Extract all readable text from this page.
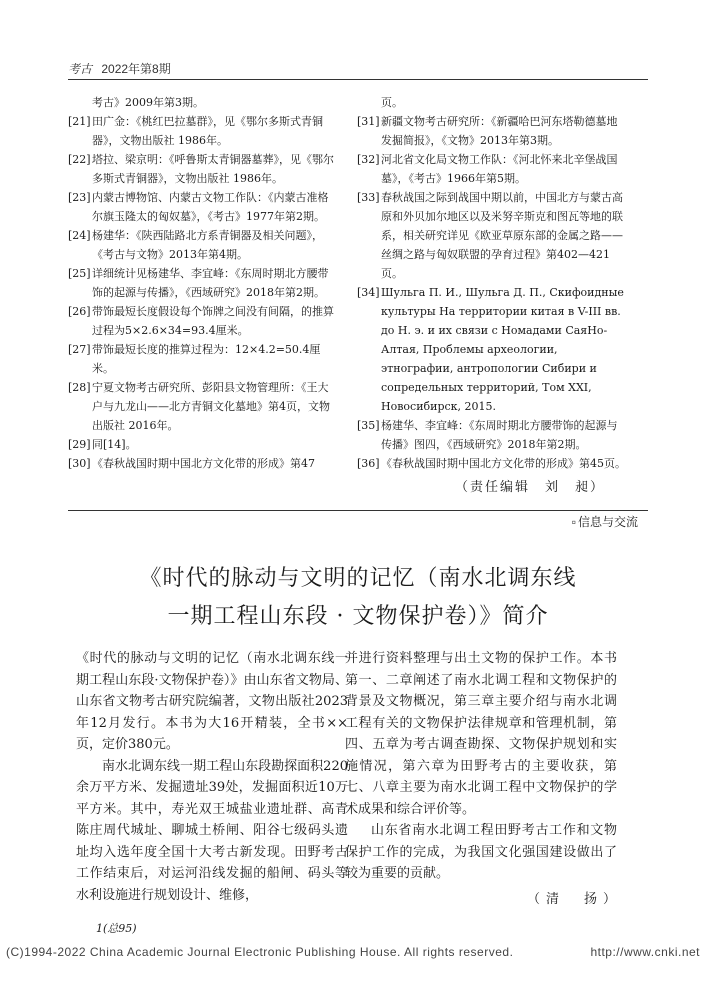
考古 2022年第8期
考古》2009年第3期。
[21] 田广金：《桃红巴拉墓群》，见《鄂尔多斯式青铜器》，文物出版社 1986年。
[22] 塔拉、梁京明：《呼鲁斯太青铜器墓葬》，见《鄂尔多斯式青铜器》，文物出版社 1986年。
[23] 内蒙古博物馆、内蒙古文物工作队：《内蒙古准格尔旗玉隆太的匈奴墓》，《考古》1977年第2期。
[24] 杨建华：《陕西陆路北方系青铜器及相关问题》，《考古与文物》2013年第4期。
[25] 详细统计见杨建华、李宜峰：《东周时期北方腰带饰的起源与传播》，《西域研究》2018年第2期。
[26] 带饰最短长度假设每个饰牌之间没有间隔，的推算过程为5×2.6×34=93.4厘米。
[27] 带饰最短长度的推算过程为：12×4.2=50.4厘米。
[28] 宁夏文物考古研究所、彭阳县文物管理所：《王大户与九龙山——北方青铜文化墓地》第4页，文物出版社 2016年。
[29] 同[14]。
[30] 《春秋战国时期中国北方文化带的形成》第47
页。
[31] 新疆文物考古研究所：《新疆哈巴河东塔勒德墓地发掘简报》，《文物》2013年第3期。
[32] 河北省文化局文物工作队：《河北怀来北辛堡战国墓》，《考古》1966年第5期。
[33] 春秋战国之际到战国中期以前，中国北方与蒙古高原和外贝加尔地区以及米努辛斯克和图瓦等地的联系，相关研究详见《欧亚草原东部的金属之路——丝绸之路与匈奴联盟的孕育过程》第402—421页。
[34] Шульга П. И., Шульга Д. П., Скифоидные культуры На территории китая в V-III вв. до Н. э. и их связи с Номадами СаяНо-Алтая, Проблемы археологии, этнографии, антропологии Сибири и сопредельных территорий, Том XXI, Новосибирск, 2015.
[35] 杨建华、李宜峰：《东周时期北方腰带饰的起源与传播》图四，《西域研究》2018年第2期。
[36] 《春秋战国时期中国北方文化带的形成》第45页。
（责任编辑　刘　昶）
▫ 信息与交流
《时代的脉动与文明的记忆（南水北调东线
一期工程山东段 · 文物保护卷）》简介

《时代的脉动与文明的记忆（南水北调东线一期工程山东段·文物保护卷）》由山东省文物局、山东省文物考古研究院编著，文物出版社2023年12月发行。本书为大16开精装，全书××页，定价380元。

南水北调东线一期工程山东段勘探面积220余万平方米、发掘遗址39处，发掘面积近10万平方米。其中，寿光双王城盐业遗址群、高青陈庄周代城址、聊城土桥闸、阳谷七级码头遗址均入选年度全国十大考古新发现。田野考古工作结束后，对运河沿线发掘的船闸、码头等水利设施进行规划设计、维修，

并进行资料整理与出土文物的保护工作。本书第一、二章阐述了南水北调工程和文物保护的背景及文物概况，第三章主要介绍与南水北调工程有关的文物保护法律规章和管理机制，第四、五章为考古调查勘探、文物保护规划和实施情况，第六章为田野考古的主要收获，第七、八章主要为南水北调工程中文物保护的学术成果和综合评价等。

山东省南水北调工程田野考古工作和文物保护工作的完成，为我国文化强国建设做出了较为重要的贡献。

（清　扬）
1(总95)
(C)1994-2022 China Academic Journal Electronic Publishing House. All rights reserved.	http://www.cnki.net
